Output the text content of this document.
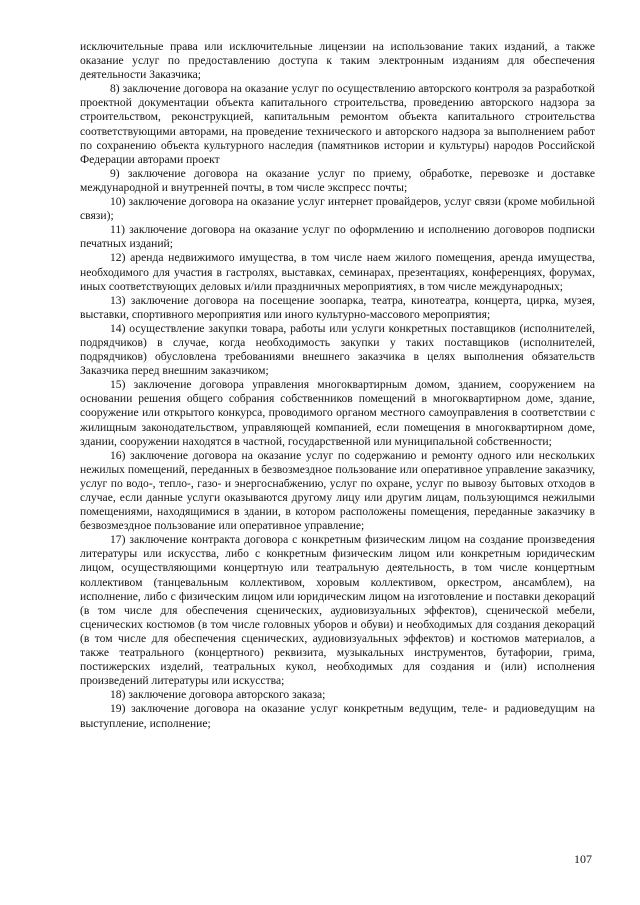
исключительные права или исключительные лицензии на использование таких изданий, а также оказание услуг по предоставлению доступа к таким электронным изданиям для обеспечения деятельности Заказчика;

8) заключение договора на оказание услуг по осуществлению авторского контроля за разработкой проектной документации объекта капитального строительства, проведению авторского надзора за строительством, реконструкцией, капитальным ремонтом объекта капитального строительства соответствующими авторами, на проведение технического и авторского надзора за выполнением работ по сохранению объекта культурного наследия (памятников истории и культуры) народов Российской Федерации авторами проект

9) заключение договора на оказание услуг по приему, обработке, перевозке и доставке международной и внутренней почты, в том числе экспресс почты;

10) заключение договора на оказание услуг интернет провайдеров, услуг связи (кроме мобильной связи);

11) заключение договора на оказание услуг по оформлению и исполнению договоров подписки печатных изданий;

12) аренда недвижимого имущества, в том числе наем жилого помещения, аренда имущества, необходимого для участия в гастролях, выставках, семинарах, презентациях, конференциях, форумах, иных соответствующих деловых и/или праздничных мероприятиях, в том числе международных;

13) заключение договора на посещение зоопарка, театра, кинотеатра, концерта, цирка, музея, выставки, спортивного мероприятия или иного культурно-массового мероприятия;

14) осуществление закупки товара, работы или услуги конкретных поставщиков (исполнителей, подрядчиков) в случае, когда необходимость закупки у таких поставщиков (исполнителей, подрядчиков) обусловлена требованиями внешнего заказчика в целях выполнения обязательств Заказчика перед внешним заказчиком;

15) заключение договора управления многоквартирным домом, зданием, сооружением на основании решения общего собрания собственников помещений в многоквартирном доме, здание, сооружение или открытого конкурса, проводимого органом местного самоуправления в соответствии с жилищным законодательством, управляющей компанией, если помещения в многоквартирном доме, здании, сооружении находятся в частной, государственной или муниципальной собственности;

16) заключение договора на оказание услуг по содержанию и ремонту одного или нескольких нежилых помещений, переданных в безвозмездное пользование или оперативное управление заказчику, услуг по водо-, тепло-, газо- и энергоснабжению, услуг по охране, услуг по вывозу бытовых отходов в случае, если данные услуги оказываются другому лицу или другим лицам, пользующимся нежилыми помещениями, находящимися в здании, в котором расположены помещения, переданные заказчику в безвозмездное пользование или оперативное управление;

17) заключение контракта договора с конкретным физическим лицом на создание произведения литературы или искусства, либо с конкретным физическим лицом или конкретным юридическим лицом, осуществляющими концертную или театральную деятельность, в том числе концертным коллективом (танцевальным коллективом, хоровым коллективом, оркестром, ансамблем), на исполнение, либо с физическим лицом или юридическим лицом на изготовление и поставки декораций (в том числе для обеспечения сценических, аудиовизуальных эффектов), сценической мебели, сценических костюмов (в том числе головных уборов и обуви) и необходимых для создания декораций (в том числе для обеспечения сценических, аудиовизуальных эффектов) и костюмов материалов, а также театрального (концертного) реквизита, музыкальных инструментов, бутафории, грима, постижерских изделий, театральных кукол, необходимых для создания и (или) исполнения произведений литературы или искусства;

18) заключение договора авторского заказа;

19) заключение договора на оказание услуг конкретным ведущим, теле- и радиоведущим на выступление, исполнение;

107
